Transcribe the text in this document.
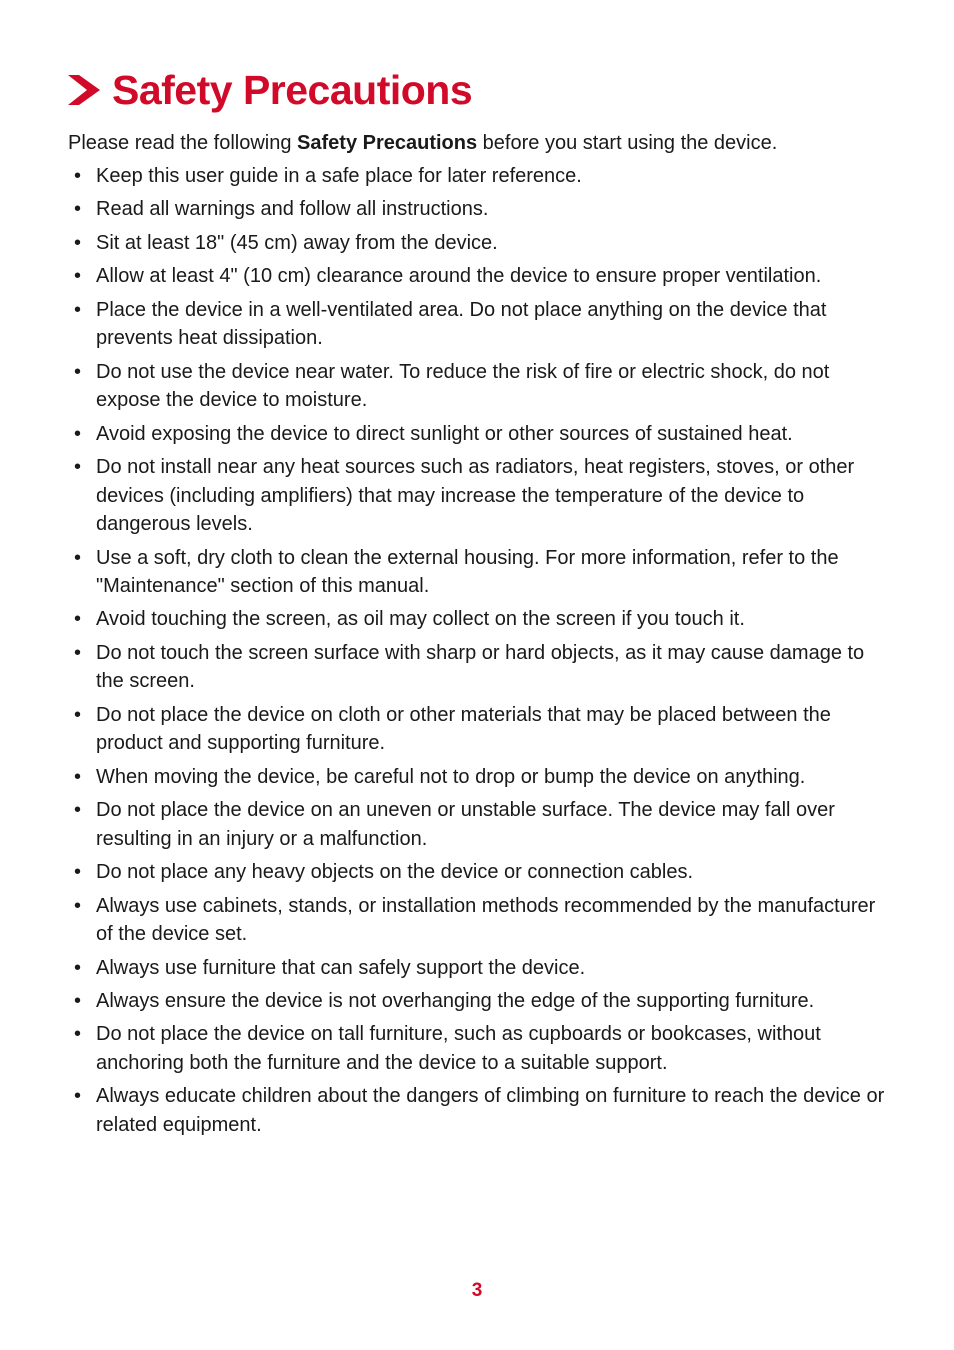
Safety Precautions

Please read the following Safety Precautions before you start using the device.

• Keep this user guide in a safe place for later reference.
• Read all warnings and follow all instructions.
• Sit at least 18" (45 cm) away from the device.
• Allow at least 4" (10 cm) clearance around the device to ensure proper ventilation.
• Place the device in a well-ventilated area. Do not place anything on the device that prevents heat dissipation.
• Do not use the device near water. To reduce the risk of fire or electric shock, do not expose the device to moisture.
• Avoid exposing the device to direct sunlight or other sources of sustained heat.
• Do not install near any heat sources such as radiators, heat registers, stoves, or other devices (including amplifiers) that may increase the temperature of the device to dangerous levels.
• Use a soft, dry cloth to clean the external housing. For more information, refer to the "Maintenance" section of this manual.
• Avoid touching the screen, as oil may collect on the screen if you touch it.
• Do not touch the screen surface with sharp or hard objects, as it may cause damage to the screen.
• Do not place the device on cloth or other materials that may be placed between the product and supporting furniture.
• When moving the device, be careful not to drop or bump the device on anything.
• Do not place the device on an uneven or unstable surface. The device may fall over resulting in an injury or a malfunction.
• Do not place any heavy objects on the device or connection cables.
• Always use cabinets, stands, or installation methods recommended by the manufacturer of the device set.
• Always use furniture that can safely support the device.
• Always ensure the device is not overhanging the edge of the supporting furniture.
• Do not place the device on tall furniture, such as cupboards or bookcases, without anchoring both the furniture and the device to a suitable support.
• Always educate children about the dangers of climbing on furniture to reach the device or related equipment.
3
